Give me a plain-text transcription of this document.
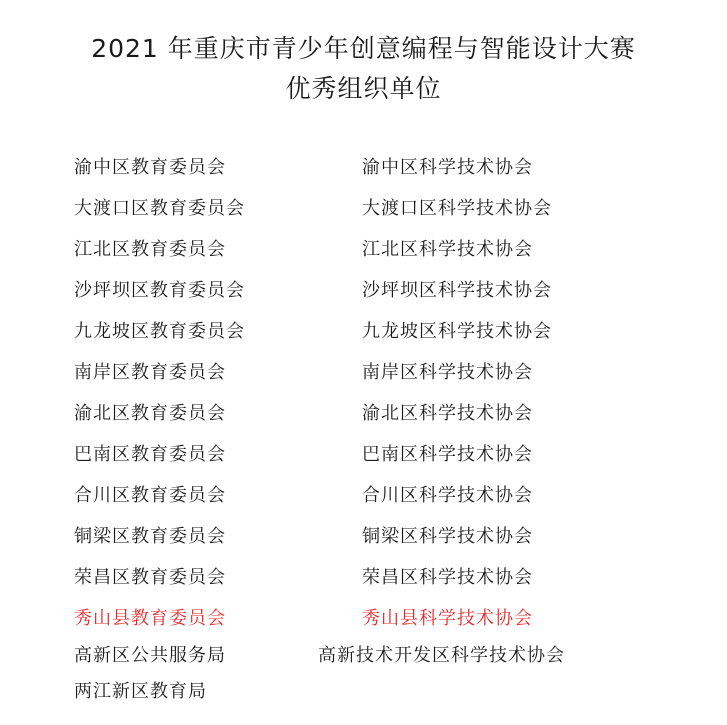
2021 年重庆市青少年创意编程与智能设计大赛
优秀组织单位
渝中区教育委员会	渝中区科学技术协会
大渡口区教育委员会	大渡口区科学技术协会
江北区教育委员会	江北区科学技术协会
沙坪坝区教育委员会	沙坪坝区科学技术协会
九龙坡区教育委员会	九龙坡区科学技术协会
南岸区教育委员会	南岸区科学技术协会
渝北区教育委员会	渝北区科学技术协会
巴南区教育委员会	巴南区科学技术协会
合川区教育委员会	合川区科学技术协会
铜梁区教育委员会	铜梁区科学技术协会
荣昌区教育委员会	荣昌区科学技术协会
秀山县教育委员会	秀山县科学技术协会
高新区公共服务局	高新技术开发区科学技术协会
两江新区教育局
